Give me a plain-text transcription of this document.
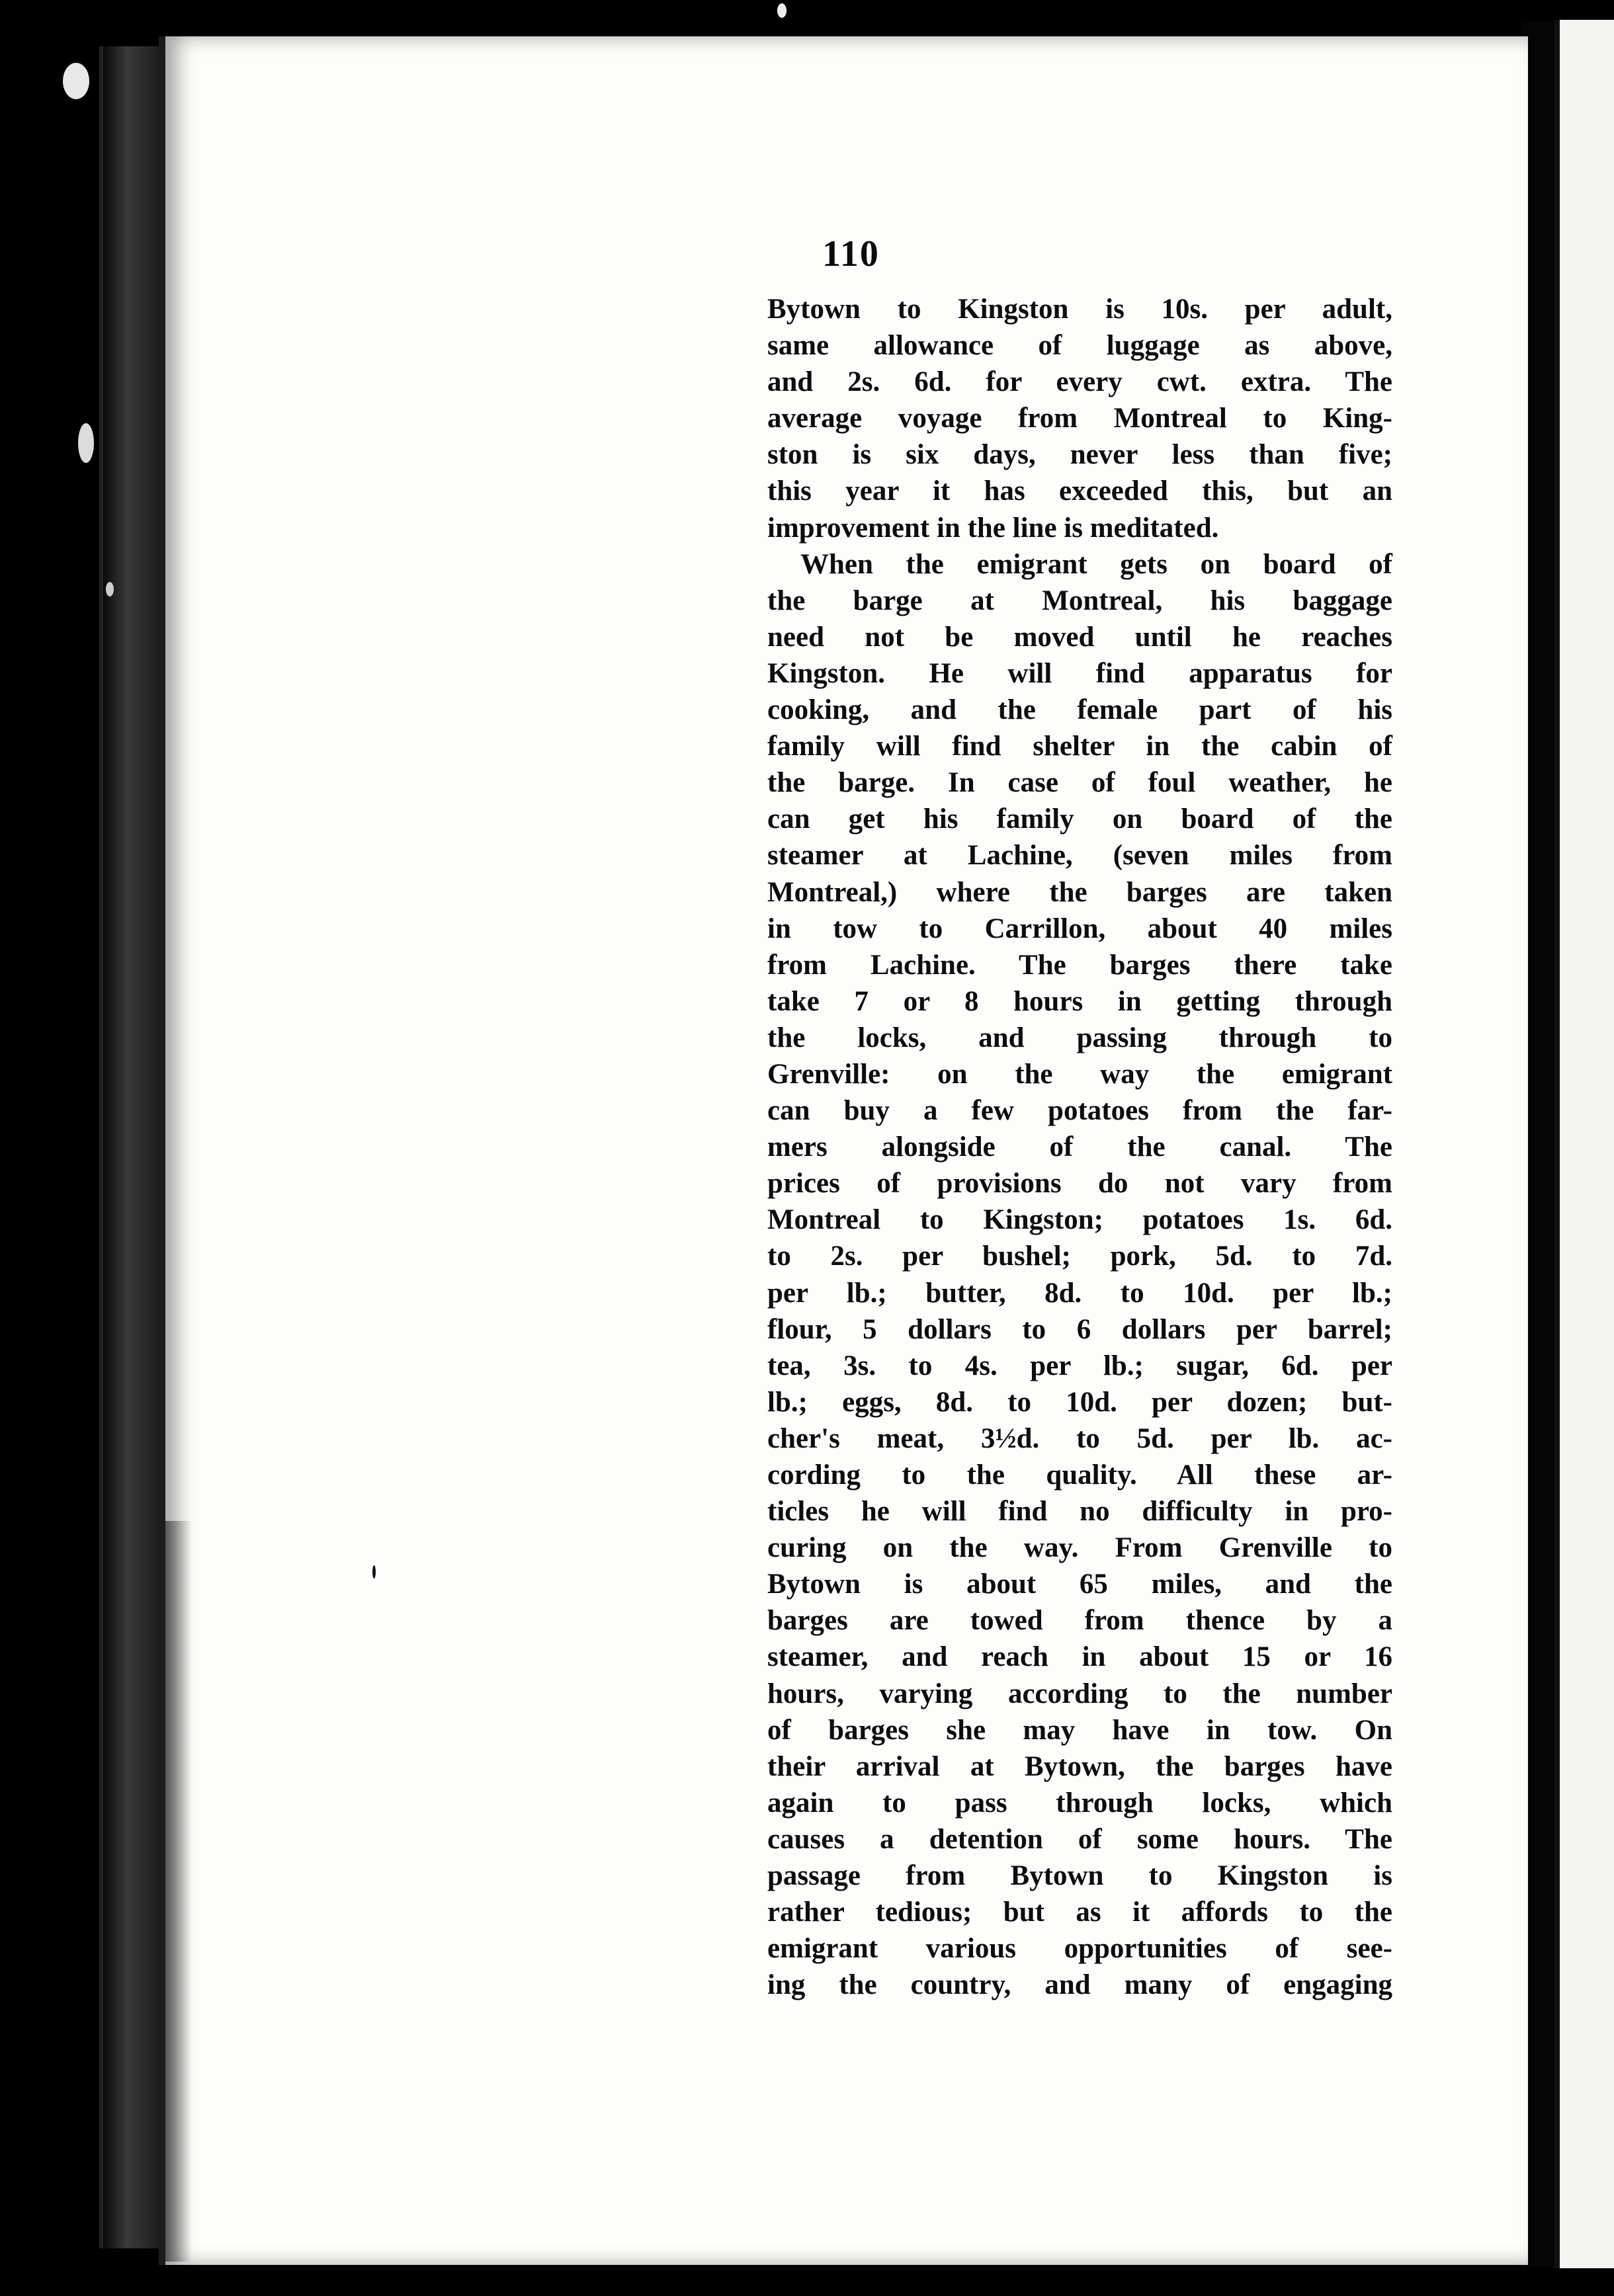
110
Bytown to Kingston is 10s. per adult,
same allowance of luggage as above,
and 2s. 6d. for every cwt. extra. The
average voyage from Montreal to King-
ston is six days, never less than five;
this year it has exceeded this, but an
improvement in the line is meditated.
When the emigrant gets on board of
the barge at Montreal, his baggage
need not be moved until he reaches
Kingston. He will find apparatus for
cooking, and the female part of his
family will find shelter in the cabin of
the barge. In case of foul weather, he
can get his family on board of the
steamer at Lachine, (seven miles from
Montreal,) where the barges are taken
in tow to Carrillon, about 40 miles
from Lachine. The barges there take
take 7 or 8 hours in getting through
the locks, and passing through to
Grenville: on the way the emigrant
can buy a few potatoes from the far-
mers alongside of the canal. The
prices of provisions do not vary from
Montreal to Kingston; potatoes 1s. 6d.
to 2s. per bushel; pork, 5d. to 7d.
per lb.; butter, 8d. to 10d. per lb.;
flour, 5 dollars to 6 dollars per barrel;
tea, 3s. to 4s. per lb.; sugar, 6d. per
lb.; eggs, 8d. to 10d. per dozen; but-
cher's meat, 3½d. to 5d. per lb. ac-
cording to the quality. All these ar-
ticles he will find no difficulty in pro-
curing on the way. From Grenville to
Bytown is about 65 miles, and the
barges are towed from thence by a
steamer, and reach in about 15 or 16
hours, varying according to the number
of barges she may have in tow. On
their arrival at Bytown, the barges have
again to pass through locks, which
causes a detention of some hours. The
passage from Bytown to Kingston is
rather tedious; but as it affords to the
emigrant various opportunities of see-
ing the country, and many of engaging
